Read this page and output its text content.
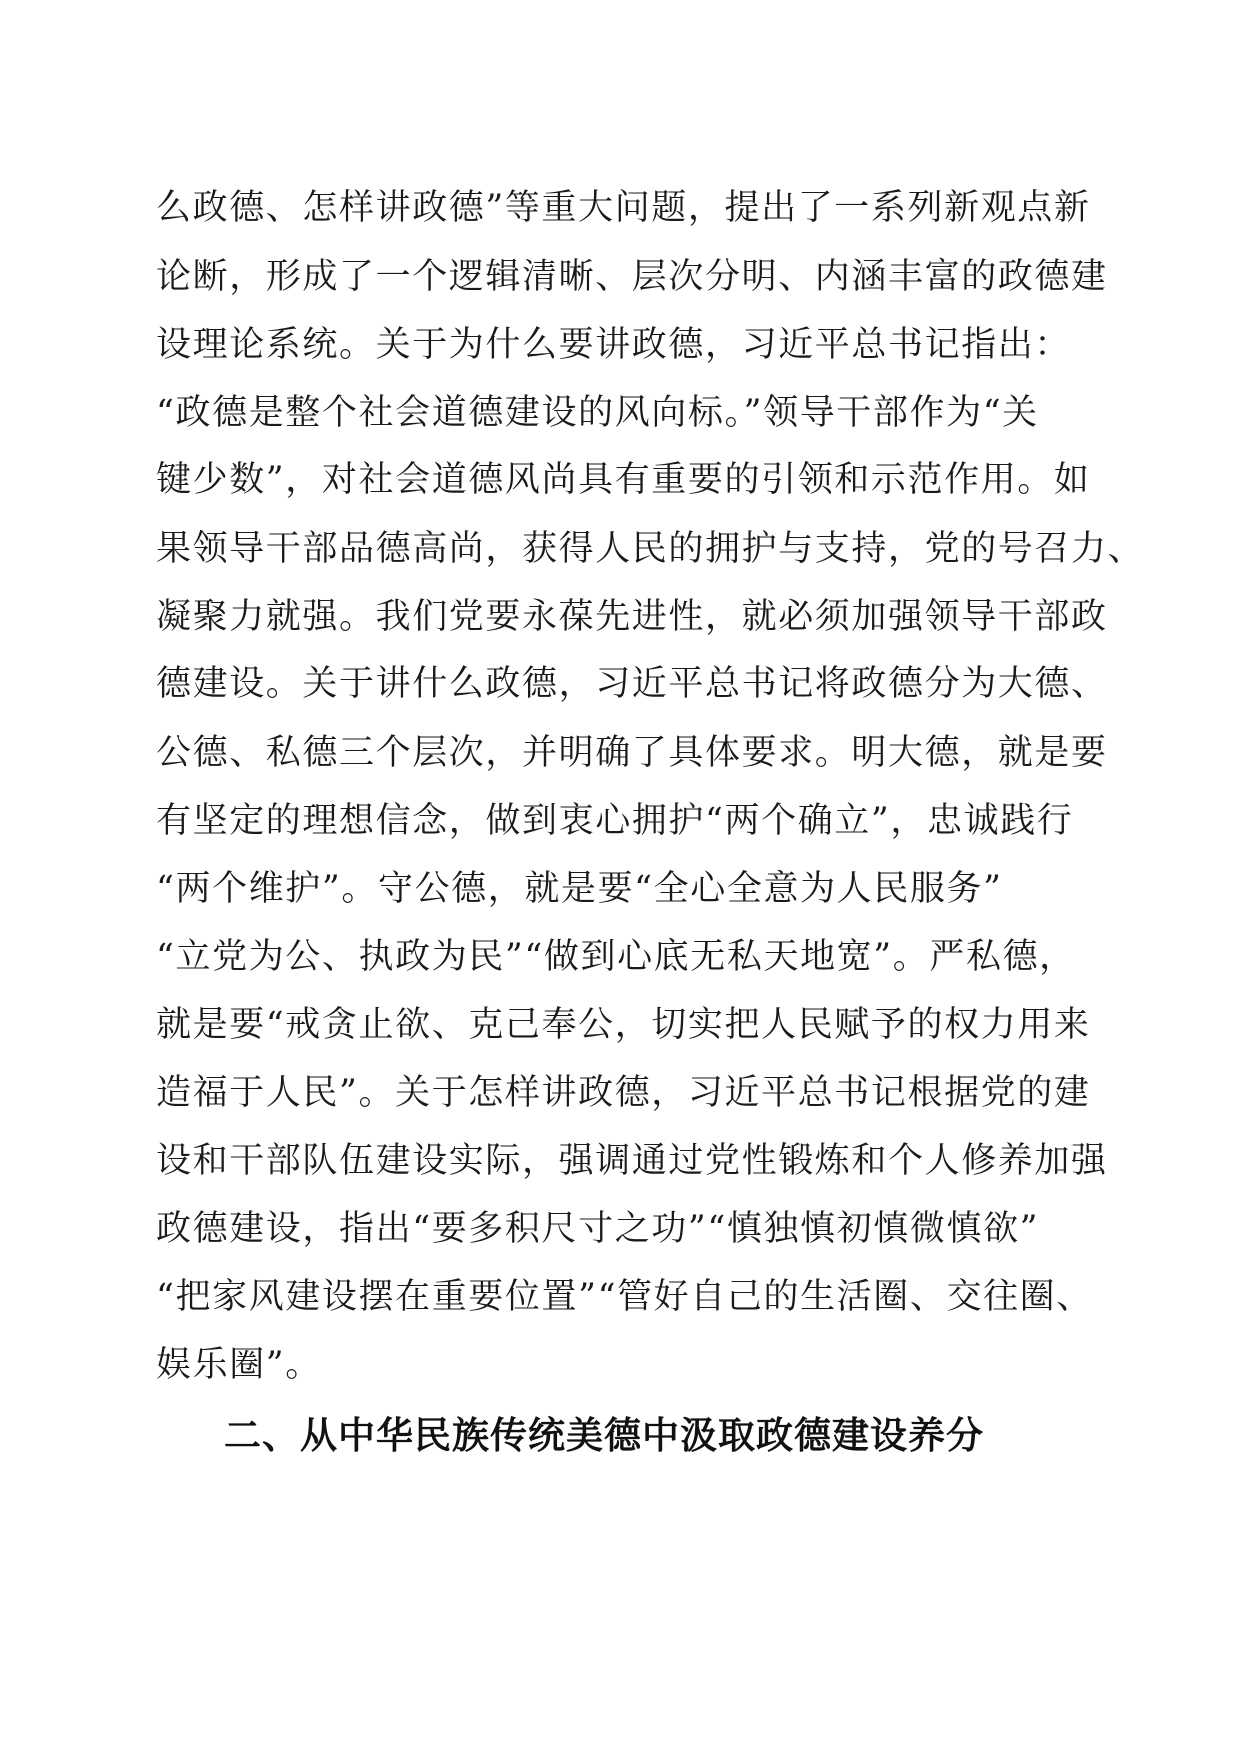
么政德、怎样讲政德”等重大问题，提出了一系列新观点新
论断，形成了一个逻辑清晰、层次分明、内涵丰富的政德建
设理论系统。关于为什么要讲政德，习近平总书记指出：
“政德是整个社会道德建设的风向标。”领导干部作为“关
键少数”，对社会道德风尚具有重要的引领和示范作用。如
果领导干部品德高尚，获得人民的拥护与支持，党的号召力、
凝聚力就强。我们党要永葆先进性，就必须加强领导干部政
德建设。关于讲什么政德，习近平总书记将政德分为大德、
公德、私德三个层次，并明确了具体要求。明大德，就是要
有坚定的理想信念，做到衷心拥护“两个确立”，忠诚践行
“两个维护”。守公德，就是要“全心全意为人民服务”
“立党为公、执政为民”“做到心底无私天地宽”。严私德，
就是要“戒贪止欲、克己奉公，切实把人民赋予的权力用来
造福于人民”。关于怎样讲政德，习近平总书记根据党的建
设和干部队伍建设实际，强调通过党性锻炼和个人修养加强
政德建设，指出“要多积尺寸之功”“慎独慎初慎微慎欲”
“把家风建设摆在重要位置”“管好自己的生活圈、交往圈、
娱乐圈”。
二、从中华民族传统美德中汲取政德建设养分
